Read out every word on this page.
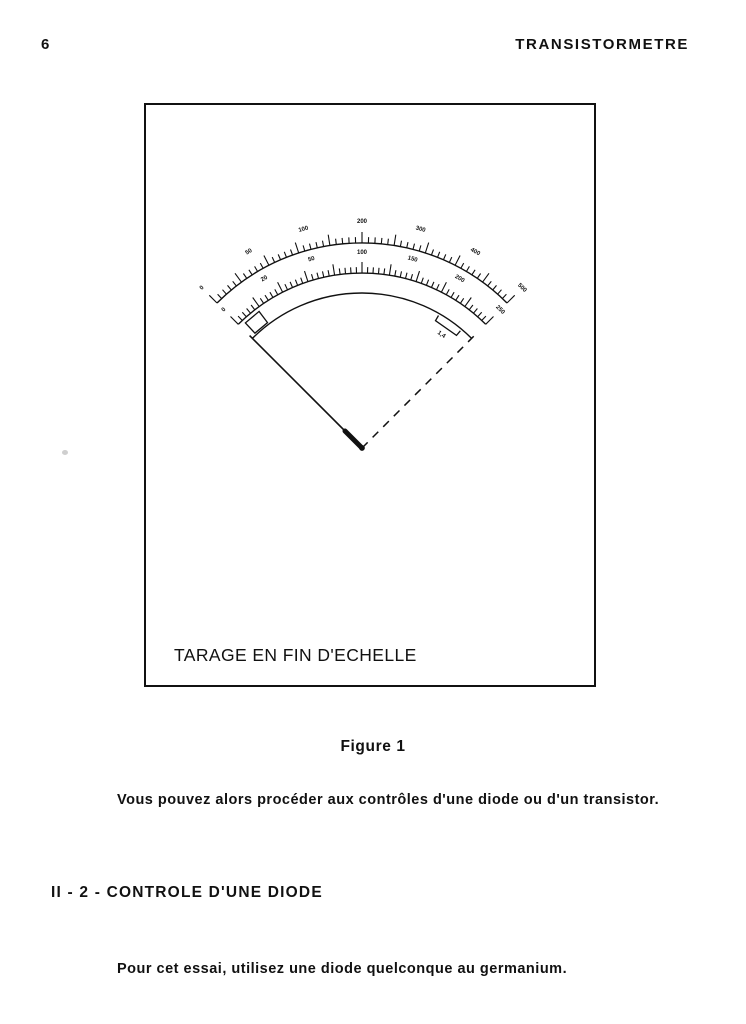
6	TRANSISTORMETRE
0
50
100
200
300
400
500
0
20
50
100
150
200
250
1,4
TARAGE EN FIN D'ECHELLE
Figure 1
Vous pouvez alors procéder aux contrôles d'une diode ou d'un transistor.
II - 2 - CONTROLE D'UNE DIODE
Pour cet essai, utilisez une diode quelconque au germanium.
